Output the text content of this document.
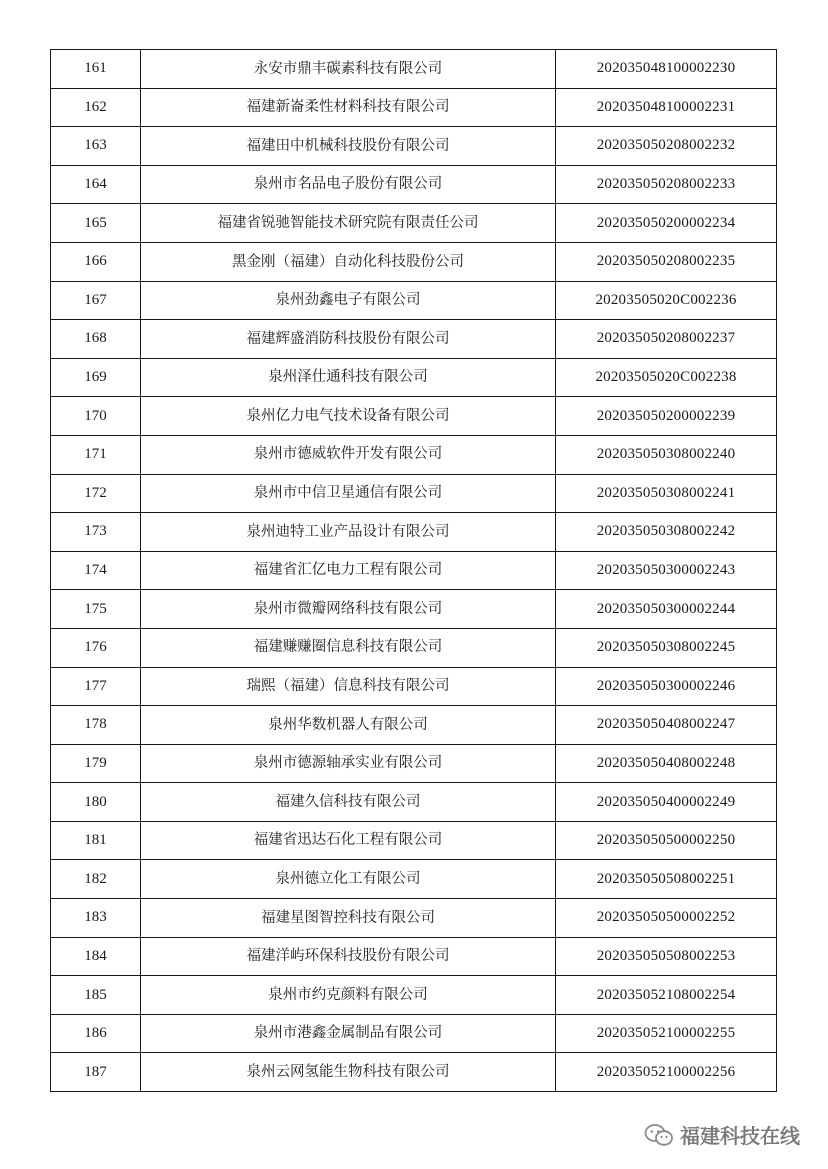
161	永安市鼎丰碳素科技有限公司	2020350481000022З0
162	福建新崙柔性材料科技有限公司	202035048100002231
163	福建田中机械科技股份有限公司	202035050208002232
164	泉州市名品电子股份有限公司	202035050208002233
165	福建省锐驰智能技术研究院有限责任公司	202035050200002234
166	黑金刚（福建）自动化科技股份公司	202035050208002235
167	泉州劲鑫电子有限公司	20203505020C002236
168	福建辉盛消防科技股份有限公司	202035050208002237
169	泉州泽仕通科技有限公司	20203505020C002238
170	泉州亿力电气技术设备有限公司	202035050200002239
171	泉州市德威软件开发有限公司	202035050308002240
172	泉州市中信卫星通信有限公司	202035050308002241
173	泉州迪特工业产品设计有限公司	202035050308002242
174	福建省汇亿电力工程有限公司	202035050300002243
175	泉州市微瓣网络科技有限公司	202035050300002244
176	福建赚赚圈信息科技有限公司	202035050308002245
177	瑞熙（福建）信息科技有限公司	202035050300002246
178	泉州华数机器人有限公司	202035050408002247
179	泉州市德源轴承实业有限公司	202035050408002248
180	福建久信科技有限公司	202035050400002249
181	福建省迅达石化工程有限公司	202035050500002250
182	泉州德立化工有限公司	202035050508002251
183	福建星图智控科技有限公司	202035050500002252
184	福建洋屿环保科技股份有限公司	202035050508002253
185	泉州市约克颜料有限公司	202035052108002254
186	泉州市港鑫金属制品有限公司	202035052100002255
187	泉州云网氢能生物科技有限公司	202035052100002256
福建科技在线
